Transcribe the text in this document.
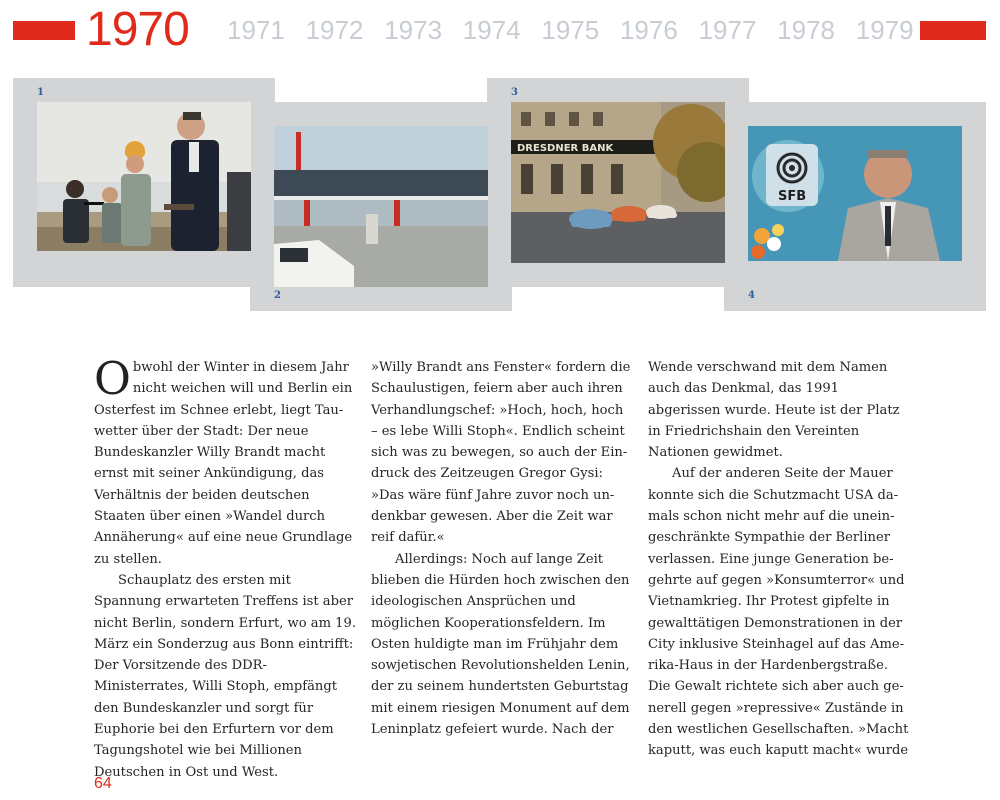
1970 1971 1972 1973 1974 1975 1976 1977 1978 1979
DRESDNER BANK
SFB
1
2
3
4

Obwohl der Winter in diesem Jahr nicht weichen will und Berlin ein Osterfest im Schnee erlebt, liegt Tauwetter über der Stadt: Der neue Bundeskanzler Willy Brandt macht ernst mit seiner Ankündigung, das Verhältnis der beiden deutschen Staaten über einen »Wandel durch Annäherung« auf eine neue Grundlage zu stellen.

Schauplatz des ersten mit Spannung erwarteten Treffens ist aber nicht Berlin, sondern Erfurt, wo am 19. März ein Sonderzug aus Bonn eintrifft: Der Vorsitzende des DDR-Ministerrates, Willi Stoph, empfängt den Bundeskanzler und sorgt für Euphorie bei den Erfurtern vor dem Tagungshotel wie bei Millionen Deutschen in Ost und West.

»Willy Brandt ans Fenster« fordern die Schaulustigen, feiern aber auch ihren Verhandlungschef: »Hoch, hoch, hoch – es lebe Willi Stoph«. Endlich scheint sich was zu bewegen, so auch der Eindruck des Zeitzeugen Gregor Gysi: »Das wäre fünf Jahre zuvor noch undenkbar gewesen. Aber die Zeit war reif dafür.«

Allerdings: Noch auf lange Zeit blieben die Hürden hoch zwischen den ideologischen Ansprüchen und möglichen Kooperationsfeldern. Im Osten huldigte man im Frühjahr dem sowjetischen Revolutionshelden Lenin, der zu seinem hundertsten Geburtstag mit einem riesigen Monument auf dem Leninplatz gefeiert wurde. Nach der

Wende verschwand mit dem Namen auch das Denkmal, das 1991 abgerissen wurde. Heute ist der Platz in Friedrichshain den Vereinten Nationen gewidmet.

Auf der anderen Seite der Mauer konnte sich die Schutzmacht USA damals schon nicht mehr auf die uneingeschränkte Sympathie der Berliner verlassen. Eine junge Generation begehrte auf gegen »Konsumterror« und Vietnamkrieg. Ihr Protest gipfelte in gewalttätigen Demonstrationen in der City inklusive Steinhagel auf das Amerika-Haus in der Hardenbergstraße. Die Gewalt richtete sich aber auch generell gegen »repressive« Zustände in den westlichen Gesellschaften. »Macht kaputt, was euch kaputt macht« wurde

64
